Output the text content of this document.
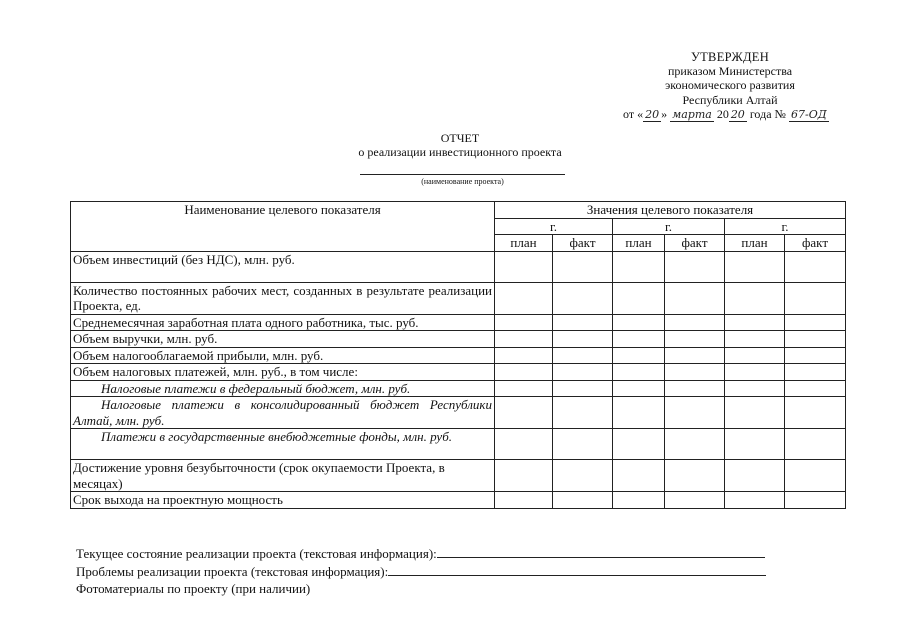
УТВЕРЖДЕН
приказом Министерства
экономического развития
Республики Алтай
от « 20 » марта 20 20 года № 67-ОД
ОТЧЕТ
о реализации инвестиционного проекта
(наименование проекта)
Наименование целевого показателя	Значения целевого показателя					
	г.		г.		г.	
	план	факт	план	факт	план	факт
Объем инвестиций (без НДС), млн. руб.						
Количество постоянных рабочих мест, созданных в результате реализации Проекта, ед.						
Среднемесячная заработная плата одного работника, тыс. руб.						
Объем выручки, млн. руб.						
Объем налогооблагаемой прибыли, млн. руб.						
Объем налоговых платежей, млн. руб., в том числе:						
Налоговые платежи в федеральный бюджет, млн. руб.						
Налоговые платежи в консолидированный бюджет Республики Алтай, млн. руб.						
Платежи в государственные внебюджетные фонды, млн. руб.						
Достижение уровня безубыточности (срок окупаемости Проекта, в месяцах)						
Срок выхода на проектную мощность						
Текущее состояние реализации проекта (текстовая информация):
Проблемы реализации проекта (текстовая информация):
Фотоматериалы по проекту (при наличии)
